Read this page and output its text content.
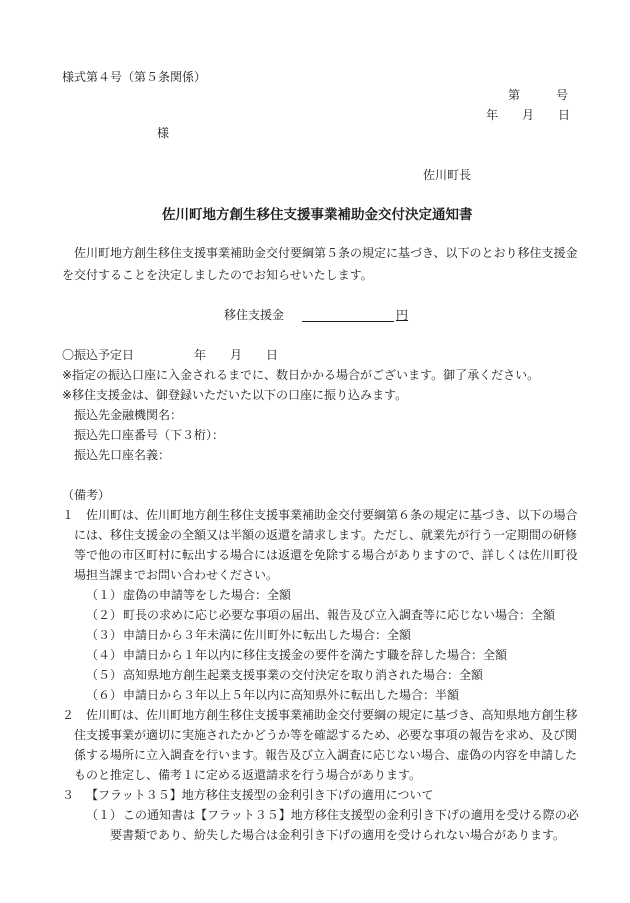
様式第４号（第５条関係）
第　　　号
年　　月　　日
様
佐川町長
佐川町地方創生移住支援事業補助金交付決定通知書
佐川町地方創生移住支援事業補助金交付要綱第５条の規定に基づき、以下のとおり移住支援金
を交付することを決定しましたのでお知らせいたします。
移住支援金	円
〇振込予定日　　　　　年　　月　　日
※指定の振込口座に入金されるまでに、数日かかる場合がございます。御了承ください。
※移住支援金は、御登録いただいた以下の口座に振り込みます。
振込先金融機関名：
振込先口座番号（下３桁）：
振込先口座名義：
（備考）
１ 佐川町は、佐川町地方創生移住支援事業補助金交付要綱第６条の規定に基づき、以下の場合
には、移住支援金の全額又は半額の返還を請求します。ただし、就業先が行う一定期間の研修
等で他の市区町村に転出する場合には返還を免除する場合がありますので、詳しくは佐川町役
場担当課までお問い合わせください。
（１） 虚偽の申請等をした場合：全額
（２） 町長の求めに応じ必要な事項の届出、報告及び立入調査等に応じない場合：全額
（３） 申請日から３年未満に佐川町外に転出した場合：全額
（４） 申請日から１年以内に移住支援金の要件を満たす職を辞した場合：全額
（５） 高知県地方創生起業支援事業の交付決定を取り消された場合：全額
（６） 申請日から３年以上５年以内に高知県外に転出した場合：半額
２ 佐川町は、佐川町地方創生移住支援事業補助金交付要綱の規定に基づき、高知県地方創生移
住支援事業が適切に実施されたかどうか等を確認するため、必要な事項の報告を求め、及び関
係する場所に立入調査を行います。報告及び立入調査に応じない場合、虚偽の内容を申請した
ものと推定し、備考１に定める返還請求を行う場合があります。
３ 【フラット３５】地方移住支援型の金利引き下げの適用について
（１） この通知書は【フラット３５】地方移住支援型の金利引き下げの適用を受ける際の必
要書類であり、紛失した場合は金利引き下げの適用を受けられない場合があります。
